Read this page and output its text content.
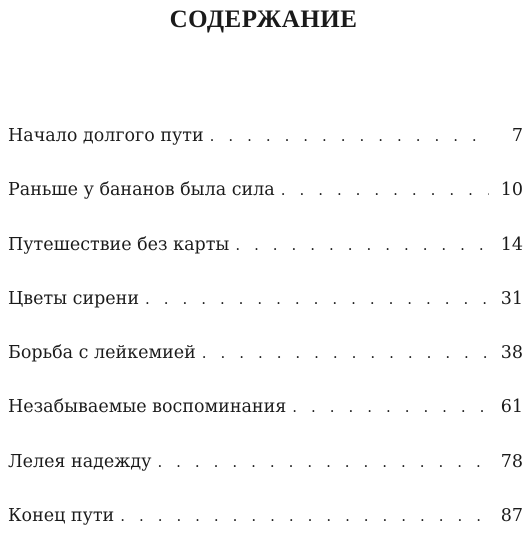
СОДЕРЖАНИЕ
Начало долгого пути . . .	7
Раньше у бананов была сила . . .	10
Путешествие без карты . . .	14
Цветы сирени . . .	31
Борьба с лейкемией . . .	38
Незабываемые воспоминания . . .	61
Лелея надежду . . .	78
Конец пути . . .	87
